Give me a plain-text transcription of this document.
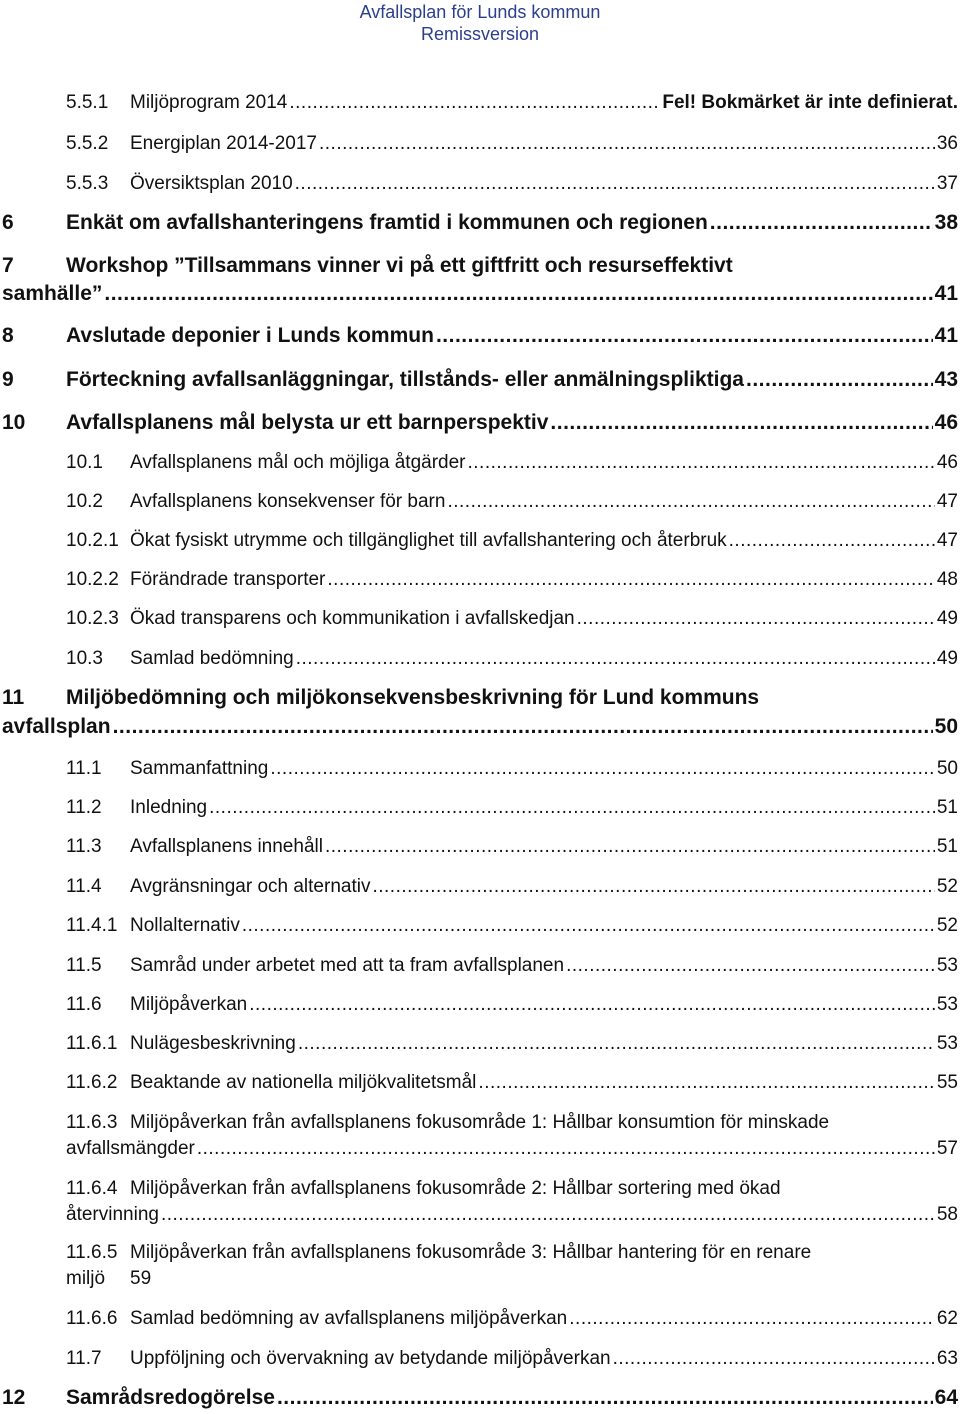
Avfallsplan för Lunds kommun
Remissversion
5.5.1 Miljöprogram 2014 .....	Fel! Bokmärket är inte definierat.
5.5.2 Energiplan 2014-2017 .....	36
5.5.3 Översiktsplan 2010 .....	37
6 Enkät om avfallshanteringens framtid i kommunen och regionen .....	38
7 Workshop ”Tillsammans vinner vi på ett giftfritt och resurseffektivt
samhälle” .....	41
8 Avslutade deponier i Lunds kommun .....	41
9 Förteckning avfallsanläggningar, tillstånds- eller anmälningspliktiga .....	43
10 Avfallsplanens mål belysta ur ett barnperspektiv .....	46
10.1 Avfallsplanens mål och möjliga åtgärder .....	46
10.2 Avfallsplanens konsekvenser för barn .....	47
10.2.1 Ökat fysiskt utrymme och tillgänglighet till avfallshantering och återbruk .....	47
10.2.2 Förändrade transporter .....	48
10.2.3 Ökad transparens och kommunikation i avfallskedjan .....	49
10.3 Samlad bedömning .....	49
11 Miljöbedömning och miljökonsekvensbeskrivning för Lund kommuns
avfallsplan .....	50
11.1 Sammanfattning .....	50
11.2 Inledning .....	51
11.3 Avfallsplanens innehåll .....	51
11.4 Avgränsningar och alternativ .....	52
11.4.1 Nollalternativ .....	52
11.5 Samråd under arbetet med att ta fram avfallsplanen .....	53
11.6 Miljöpåverkan .....	53
11.6.1 Nulägesbeskrivning .....	53
11.6.2 Beaktande av nationella miljökvalitetsmål .....	55
11.6.3 Miljöpåverkan från avfallsplanens fokusområde 1: Hållbar konsumtion för minskade
avfallsmängder .....	57
11.6.4 Miljöpåverkan från avfallsplanens fokusområde 2: Hållbar sortering med ökad
återvinning .....	58
11.6.5 Miljöpåverkan från avfallsplanens fokusområde 3: Hållbar hantering för en renare
miljö 59
11.6.6 Samlad bedömning av avfallsplanens miljöpåverkan .....	62
11.7 Uppföljning och övervakning av betydande miljöpåverkan .....	63
12 Samrådsredogörelse .....	64
